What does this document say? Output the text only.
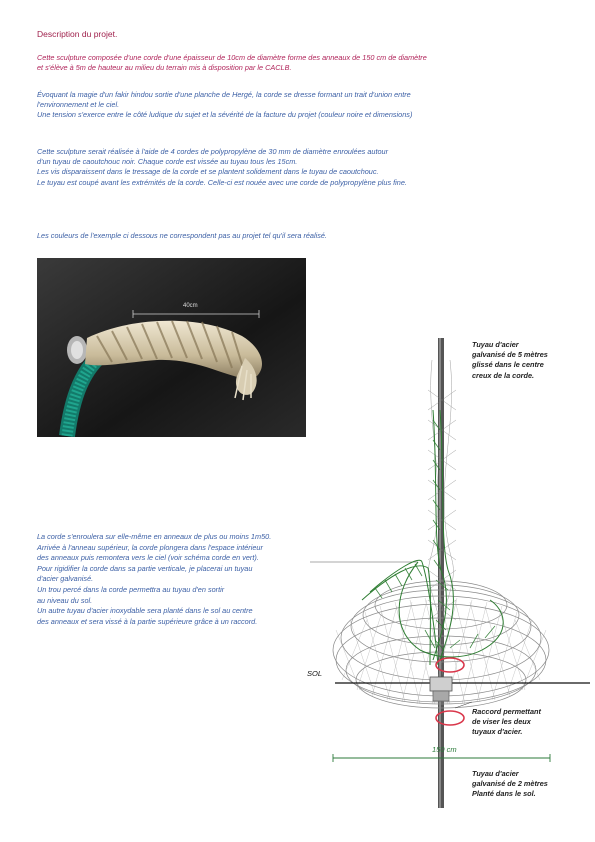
Description du projet.
Cette sculpture composée d'une corde d'une épaisseur de 10cm de diamètre forme des anneaux de 150 cm de diamètre
et s'élève à 5m de hauteur au milieu du terrain mis à disposition par le CACLB.
Évoquant la magie d'un fakir hindou sortie d'une planche de Hergé, la corde se dresse formant un trait d'union entre
l'environnement et le ciel.
Une tension s'exerce entre le côté ludique du sujet et la sévérité de la facture du projet (couleur noire et dimensions)
Cette sculpture serait réalisée à l'aide de 4 cordes de polypropylène de 30 mm de diamètre enroulées autour
d'un tuyau de caoutchouc noir. Chaque corde est vissée au tuyau tous les 15cm.
Les vis disparaissent dans le tressage de la corde et se plantent solidement dans le tuyau de caoutchouc.
Le tuyau est coupé avant les extrémités de la corde. Celle-ci est nouée avec une corde de polypropylène plus fine.
Les couleurs de l'exemple ci dessous ne correspondent pas au projet tel qu'il sera réalisé.
40cm
La corde s'enroulera sur elle-même en anneaux de plus ou moins 1m50.
Arrivée à l'anneau supérieur, la corde plongera dans l'espace intérieur
des anneaux puis remontera vers le ciel (voir schéma corde en vert).
Pour rigidifier la corde dans sa partie verticale, je placerai un tuyau
d'acier galvanisé.
Un trou percé dans la corde permettra au tuyau d'en sortir
au niveau du sol.
Un autre tuyau d'acier inoxydable sera planté dans le sol au centre
des anneaux et sera vissé à la partie supérieure grâce à un raccord.
Tuyau d'acier
galvanisé de 5 mètres
glissé dans le centre
creux de la corde.
Raccord permettant
de viser les deux
tuyaux d'acier.
Tuyau d'acier
galvanisé de 2 mètres
Planté dans le sol.
SOL
150 cm
